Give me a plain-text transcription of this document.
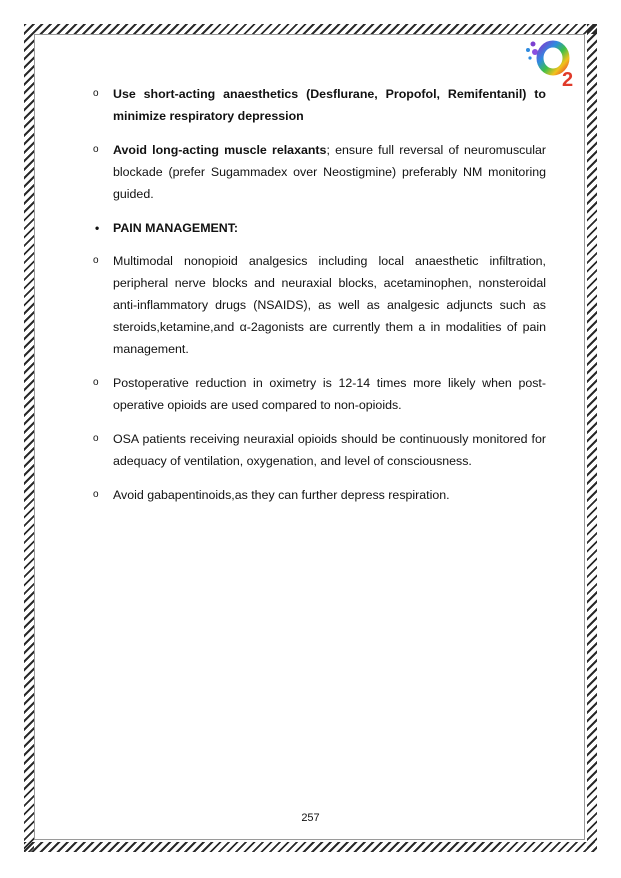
2
o Use short-acting anaesthetics (Desflurane, Propofol, Remifentanil) to minimize respiratory depression
o Avoid long-acting muscle relaxants; ensure full reversal of neuromuscular blockade (prefer Sugammadex over Neostigmine) preferably NM monitoring guided.
• PAIN MANAGEMENT:
o Multimodal nonopioid analgesics including local anaesthetic infiltration, peripheral nerve blocks and neuraxial blocks, acetaminophen, nonsteroidal anti-inflammatory drugs (NSAIDS), as well as analgesic adjuncts such as steroids,ketamine,and α-2agonists are currently them a in modalities of pain management.
o Postoperative reduction in oximetry is 12-14 times more likely when post-operative opioids are used compared to non-opioids.
o OSA patients receiving neuraxial opioids should be continuously monitored for adequacy of ventilation, oxygenation, and level of consciousness.
o Avoid gabapentinoids,as they can further depress respiration.
257
